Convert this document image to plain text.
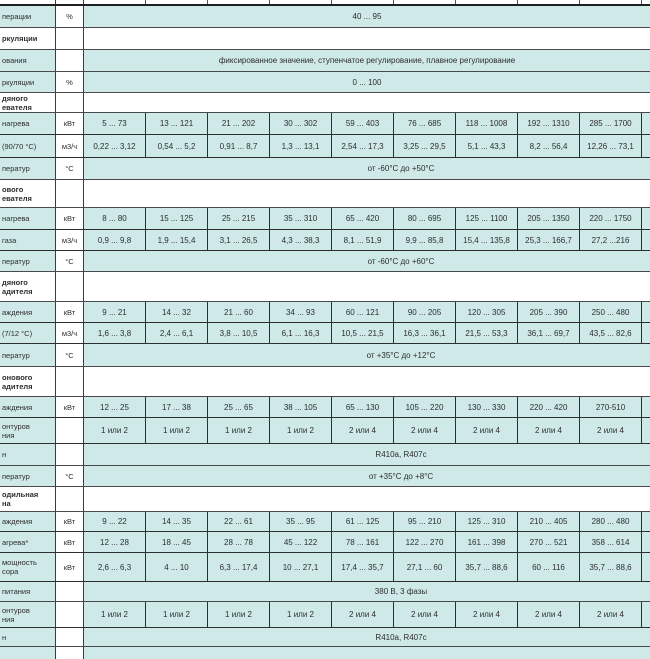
перации	%	40 ... 95
ркуляции
ования	фиксированное значение, ступенчатое регулирование, плавное регулирование
ркуляции	%	0 ... 100
дяного
евателя
нагрева	кВт	5 ... 73	13 ... 121	21 ... 202	30 ... 302	59 ... 403	76 ... 685	118 ... 1008	192 ... 1310	285 ... 1700
(90/70 °C)	м3/ч	0,22 ... 3,12	0,54 ... 5,2	0,91 ... 8,7	1,3 ... 13,1	2,54 ... 17,3	3,25 ... 29,5	5,1 ... 43,3	8,2 ... 56,4	12,26 ... 73,1
ператур	°C	от -60°C до +50°C
ового
евателя
нагрева	кВт	8 ... 80	15 ... 125	25 ... 215	35 ... 310	65 ... 420	80 ... 695	125 ... 1100	205 ... 1350	220 ... 1750
газа	м3/ч	0,9 ... 9,8	1,9 ... 15,4	3,1 ... 26,5	4,3 ... 38,3	8,1 ... 51,9	9,9 ... 85,8	15,4 ... 135,8	25,3 ... 166,7	27,2 ...216
ператур	°C	от -60°C до +60°C
дяного
адителя
аждения	кВт	9 ... 21	14 ... 32	21 ... 60	34 ... 93	60 ... 121	90 ... 205	120 ... 305	205 ... 390	250 ... 480
(7/12 °C)	м3/ч	1,6 ... 3,8	2,4 ... 6,1	3,8 ... 10,5	6,1 ... 16,3	10,5 ... 21,5	16,3 ... 36,1	21,5 ... 53,3	36,1 ... 69,7	43,5 ... 82,6
ператур	°C	от +35°C до +12°C
онового
адителя
аждения	кВт	12 ... 25	17 ... 38	25 ... 65	38 ... 105	65 ... 130	105 ... 220	130 ... 330	220 ... 420	270-510
онтуров
ния	1 или 2	1 или 2	1 или 2	1 или 2	2 или 4	2 или 4	2 или 4	2 или 4	2 или 4
н	R410a, R407c
ператур	°C	от +35°C до +8°C
одильная
на
аждения	кВт	9 ... 22	14 ... 35	22 ... 61	35 ... 95	61 ... 125	95 ... 210	125 ... 310	210 ... 405	280 ... 480
агрева*	кВт	12 ... 28	18 ... 45	28 ... 78	45 ... 122	78 ... 161	122 ... 270	161 ... 398	270 ... 521	358 ... 614
мощность
сора	кВт	2,6 ... 6,3	4 ... 10	6,3 ... 17,4	10 ... 27,1	17,4 ... 35,7	27,1 ... 60	35,7 ... 88,6	60 ... 116	35,7 ... 88,6
питания	380 В, 3 фазы
онтуров
ния	1 или 2	1 или 2	1 или 2	1 или 2	2 или 4	2 или 4	2 или 4	2 или 4	2 или 4
н	R410a, R407c
